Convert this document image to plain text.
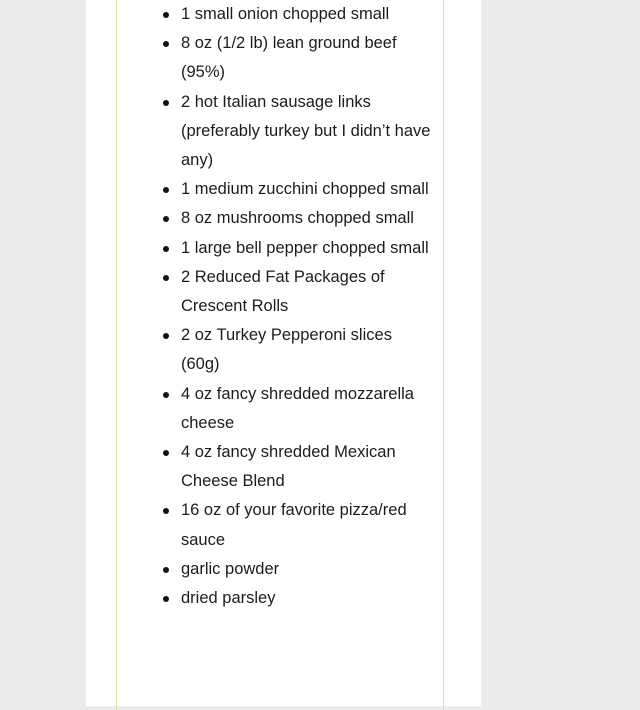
1 small onion chopped small
8 oz (1/2 lb) lean ground beef (95%)
2 hot Italian sausage links (preferably turkey but I didn’t have any)
1 medium zucchini chopped small
8 oz mushrooms chopped small
1 large bell pepper chopped small
2 Reduced Fat Packages of Crescent Rolls
2 oz Turkey Pepperoni slices (60g)
4 oz fancy shredded mozzarella cheese
4 oz fancy shredded Mexican Cheese Blend
16 oz of your favorite pizza/red sauce
garlic powder
dried parsley
